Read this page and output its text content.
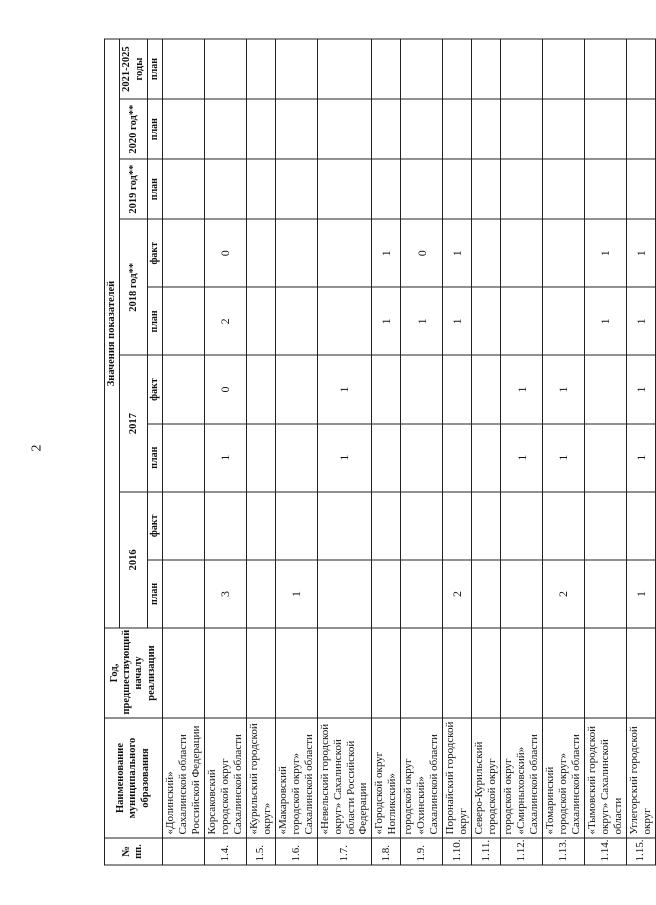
2
№ пп.	Наименование муниципального образования	Год, предшествующий началу реализации	Значения показателей								
			2016		2017		2018 год**		2019 год**	2020 год**	2021-2025 годы
			план	факт	план	факт	план	факт	план	план	план
	«Долинский» Сахалинской области Российской Федерации										
1.4.	Корсаковский городской округ Сахалинской области		3		1	0	2	0			
1.5.	«Курильский городской округ»										
1.6.	«Макаровский городской округ» Сахалинской области		1								
1.7.	«Невельский городской округ» Сахалинской области Российской Федерации				1	1					
1.8.	«Городской округ Ногликский»						1	1			
1.9.	городской округ «Охинский» Сахалинской области						1	0			
1.10.	Поронайский городской округ		2				1	1			
1.11.	Северо-Курильский городской округ										
1.12.	городской округ «Смирныховский» Сахалинской области				1	1					
1.13.	«Томаринский городской округ» Сахалинской области		2		1	1					
1.14.	«Тымовский городской округ» Сахалинской области						1	1			
1.15.	Углегорский городской округ		1		1	1	1	1			
